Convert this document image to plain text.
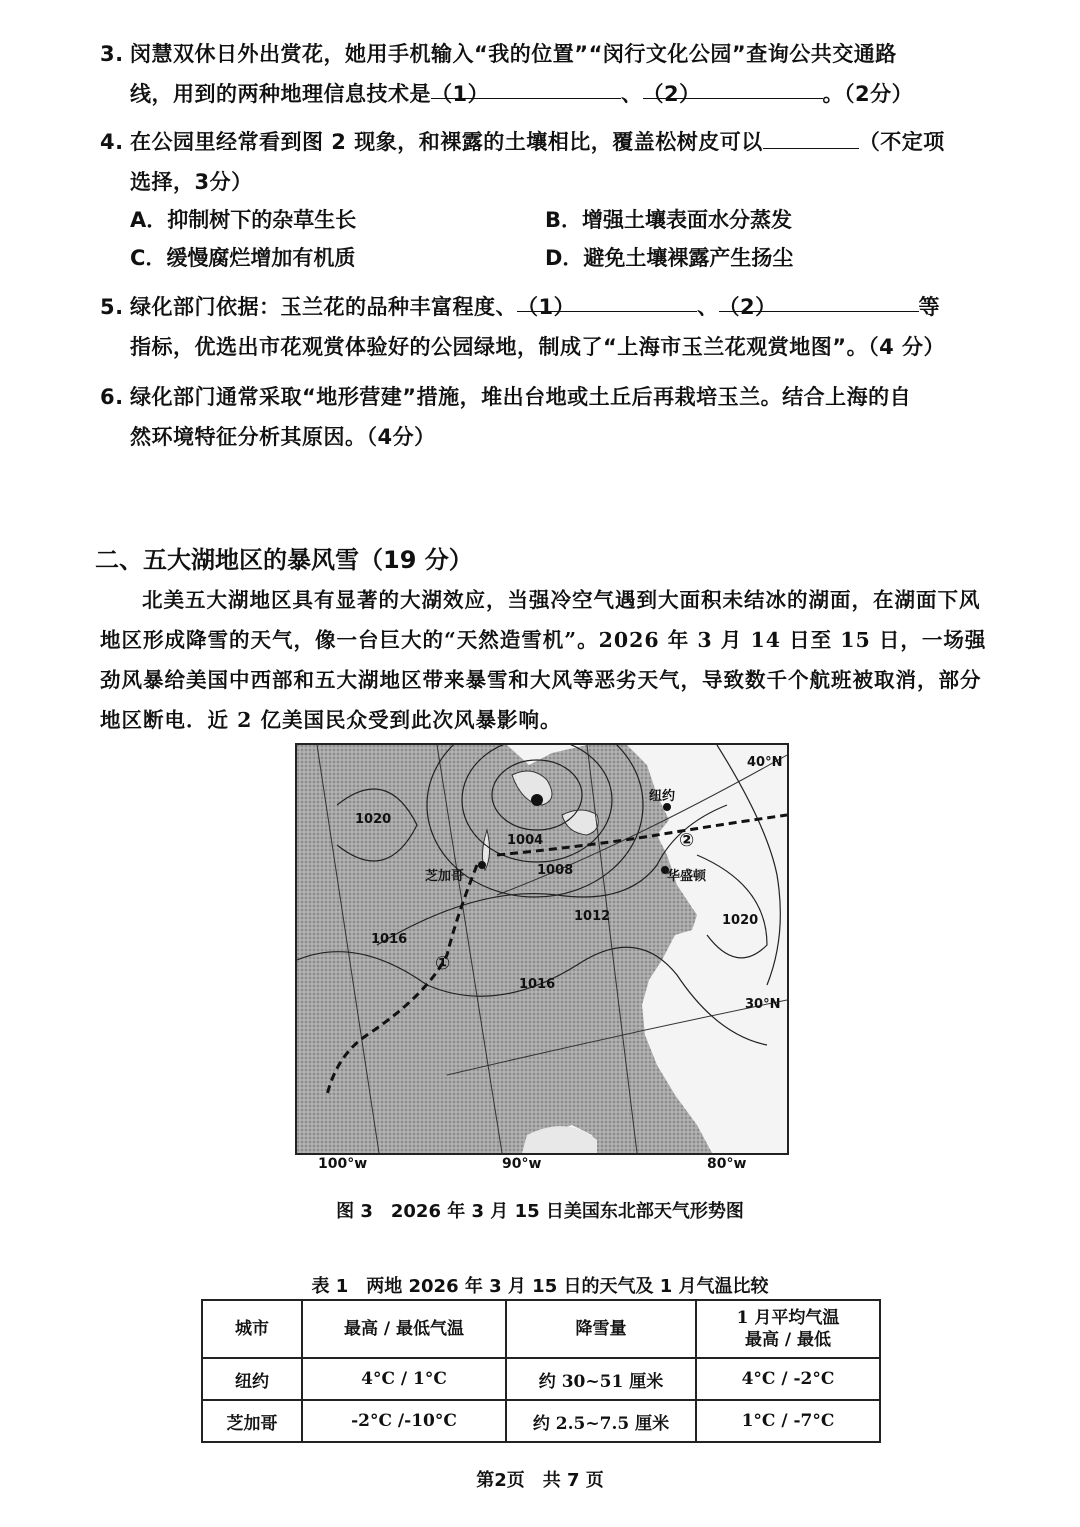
3. 闵慧双休日外出赏花，她用手机输入“我的位置”“闵行文化公园”查询公共交通路
线，用到的两种地理信息技术是（1）	、（2）	。（2分）
4. 在公园里经常看到图 2 现象，和裸露的土壤相比，覆盖松树皮可以	（不定项
选择，3分）
A．抑制树下的杂草生长	B．增强土壤表面水分蒸发
C．缓慢腐烂增加有机质	D．避免土壤裸露产生扬尘
5. 绿化部门依据：玉兰花的品种丰富程度、（1）	、（2）	等
指标，优选出市花观赏体验好的公园绿地，制成了“上海市玉兰花观赏地图”。（4 分）
6. 绿化部门通常采取“地形营建”措施，堆出台地或土丘后再栽培玉兰。结合上海的自
然环境特征分析其原因。（4分）
二、五大湖地区的暴风雪（19 分）
北美五大湖地区具有显著的大湖效应，当强冷空气遇到大面积未结冰的湖面，在湖面下风地区形成降雪的天气，像一台巨大的“天然造雪机”。2026 年 3 月 14 日至 15 日，一场强劲风暴给美国中西部和五大湖地区带来暴雪和大风等恶劣天气，导致数千个航班被取消，部分地区断电．近 2 亿美国民众受到此次风暴影响。
1020
1004
1008
1012
1016
1016
1020
芝加哥
纽约
华盛顿
①
②
40°N
30°N
100°w	90°w	80°w
图 3　2026 年 3 月 15 日美国东北部天气形势图
表 1　两地 2026 年 3 月 15 日的天气及 1 月气温比较
城市	最高 / 最低气温	降雪量	1 月平均气温
最高 / 最低
纽约	4°C / 1°C	约 30~51 厘米	4°C / -2°C
芝加哥	-2°C /-10°C	约 2.5~7.5 厘米	1°C / -7°C
第2页　共 7 页
